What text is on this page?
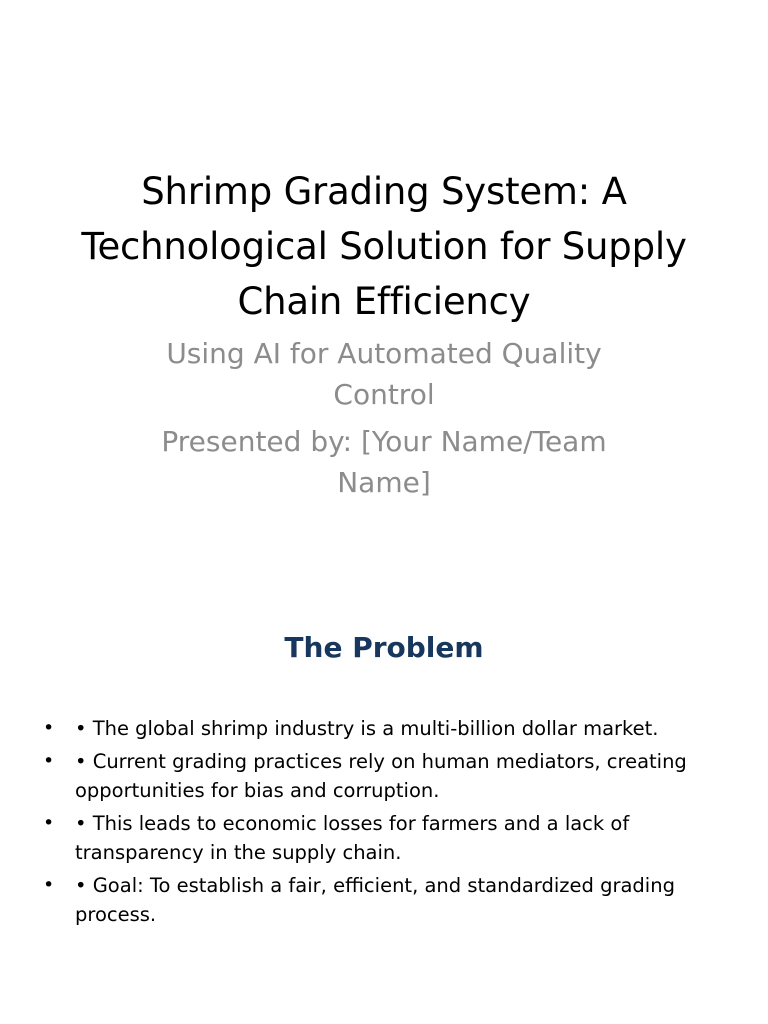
Shrimp Grading System: A Technological Solution for Supply Chain Efficiency

Using AI for Automated Quality Control

Presented by: [Your Name/Team Name]

The Problem
• • The global shrimp industry is a multi-billion dollar market.
• • Current grading practices rely on human mediators, creating opportunities for bias and corruption.
• • This leads to economic losses for farmers and a lack of transparency in the supply chain.
• • Goal: To establish a fair, efficient, and standardized grading process.
